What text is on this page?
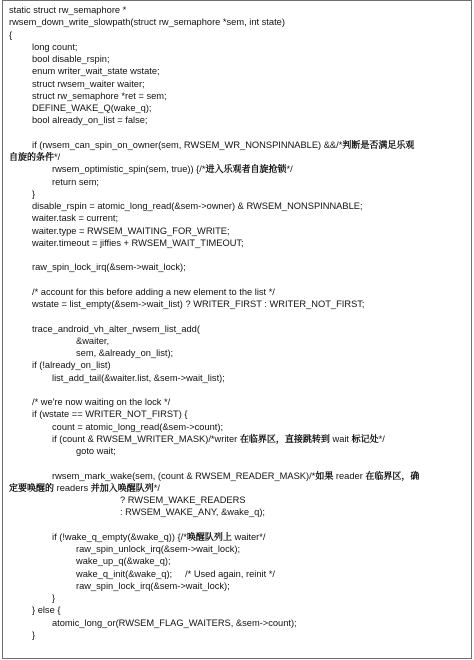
static struct rw_semaphore *
rwsem_down_write_slowpath(struct rw_semaphore *sem, int state)
{
long count;
bool disable_rspin;
enum writer_wait_state wstate;
struct rwsem_waiter waiter;
struct rw_semaphore *ret = sem;
DEFINE_WAKE_Q(wake_q);
bool already_on_list = false;
if (rwsem_can_spin_on_owner(sem, RWSEM_WR_NONSPINNABLE) &&/*判断是否满足乐观
自旋的条件*/
rwsem_optimistic_spin(sem, true)) {/*进入乐观者自旋抢锁*/
return sem;
}
disable_rspin = atomic_long_read(&sem->owner) & RWSEM_NONSPINNABLE;
waiter.task = current;
waiter.type = RWSEM_WAITING_FOR_WRITE;
waiter.timeout = jiffies + RWSEM_WAIT_TIMEOUT;
raw_spin_lock_irq(&sem->wait_lock);
/* account for this before adding a new element to the list */
wstate = list_empty(&sem->wait_list) ? WRITER_FIRST : WRITER_NOT_FIRST;
trace_android_vh_alter_rwsem_list_add(
&waiter,
sem, &already_on_list);
if (!already_on_list)
list_add_tail(&waiter.list, &sem->wait_list);
/* we're now waiting on the lock */
if (wstate == WRITER_NOT_FIRST) {
count = atomic_long_read(&sem->count);
if (count & RWSEM_WRITER_MASK)/*writer 在临界区，直接跳转到 wait 标记处*/
goto wait;
rwsem_mark_wake(sem, (count & RWSEM_READER_MASK)/*如果 reader 在临界区，确
定要唤醒的 readers 并加入唤醒队列*/
? RWSEM_WAKE_READERS
: RWSEM_WAKE_ANY, &wake_q);
if (!wake_q_empty(&wake_q)) {/*唤醒队列上 waiter*/
raw_spin_unlock_irq(&sem->wait_lock);
wake_up_q(&wake_q);
wake_q_init(&wake_q);     /* Used again, reinit */
raw_spin_lock_irq(&sem->wait_lock);
}
} else {
atomic_long_or(RWSEM_FLAG_WAITERS, &sem->count);
}
